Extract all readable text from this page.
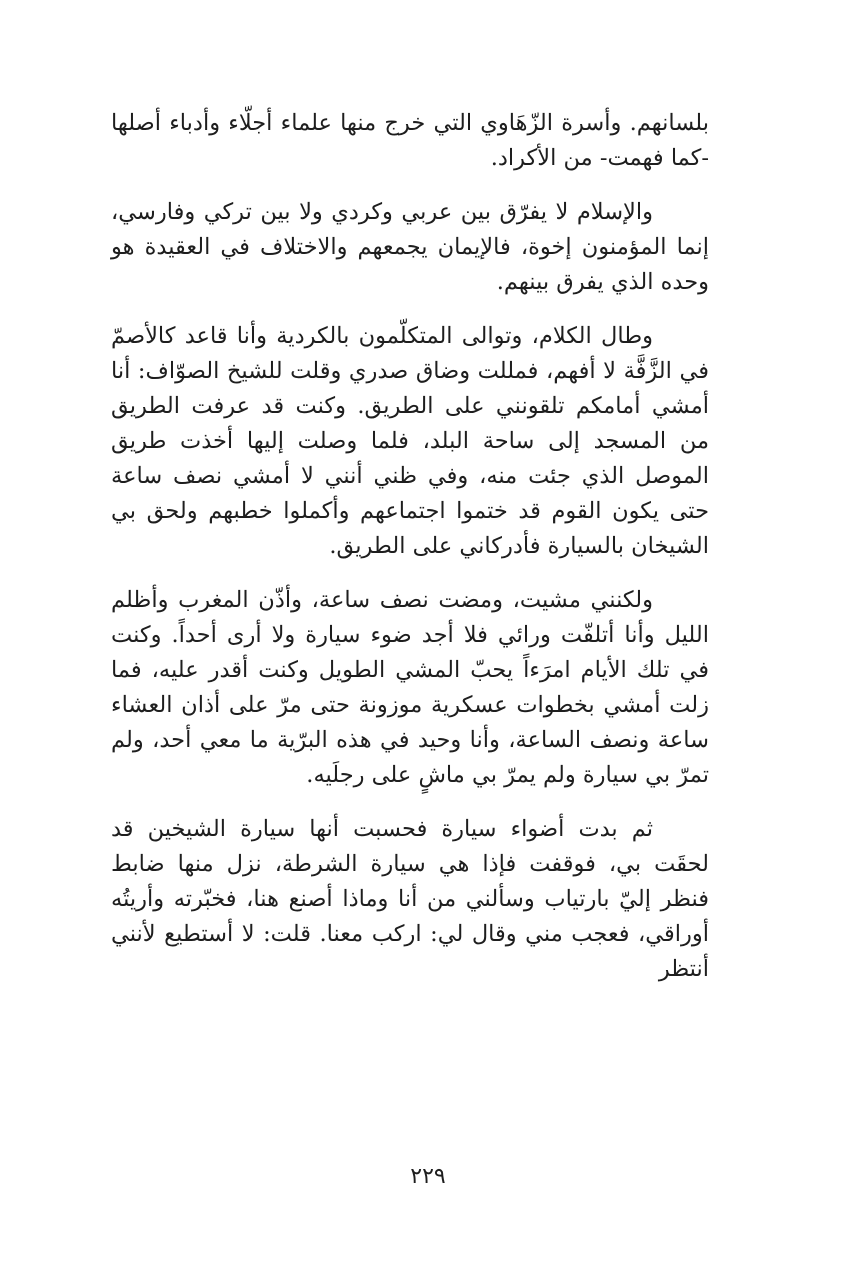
بلسانهم. وأسرة الزّهَاوي التي خرج منها علماء أجلّاء وأدباء أصلها -كما فهمت- من الأكراد.

والإسلام لا يفرّق بين عربي وكردي ولا بين تركي وفارسي، إنما المؤمنون إخوة، فالإيمان يجمعهم والاختلاف في العقيدة هو وحده الذي يفرق بينهم.

وطال الكلام، وتوالى المتكلّمون بالكردية وأنا قاعد كالأصمّ في الزَّفَّة لا أفهم، فمللت وضاق صدري وقلت للشيخ الصوّاف: أنا أمشي أمامكم تلقونني على الطريق. وكنت قد عرفت الطريق من المسجد إلى ساحة البلد، فلما وصلت إليها أخذت طريق الموصل الذي جئت منه، وفي ظني أنني لا أمشي نصف ساعة حتى يكون القوم قد ختموا اجتماعهم وأكملوا خطبهم ولحق بي الشيخان بالسيارة فأدركاني على الطريق.

ولكنني مشيت، ومضت نصف ساعة، وأذّن المغرب وأظلم الليل وأنا أتلفّت ورائي فلا أجد ضوء سيارة ولا أرى أحداً. وكنت في تلك الأيام امرَءاً يحبّ المشي الطويل وكنت أقدر عليه، فما زلت أمشي بخطوات عسكرية موزونة حتى مرّ على أذان العشاء ساعة ونصف الساعة، وأنا وحيد في هذه البرّية ما معي أحد، ولم تمرّ بي سيارة ولم يمرّ بي ماشٍ على رجلَيه.

ثم بدت أضواء سيارة فحسبت أنها سيارة الشيخين قد لحقَت بي، فوقفت فإذا هي سيارة الشرطة، نزل منها ضابط فنظر إليّ بارتياب وسألني من أنا وماذا أصنع هنا، فخبّرته وأريتُه أوراقي، فعجب مني وقال لي: اركب معنا. قلت: لا أستطيع لأنني أنتظر

٢٢٩
